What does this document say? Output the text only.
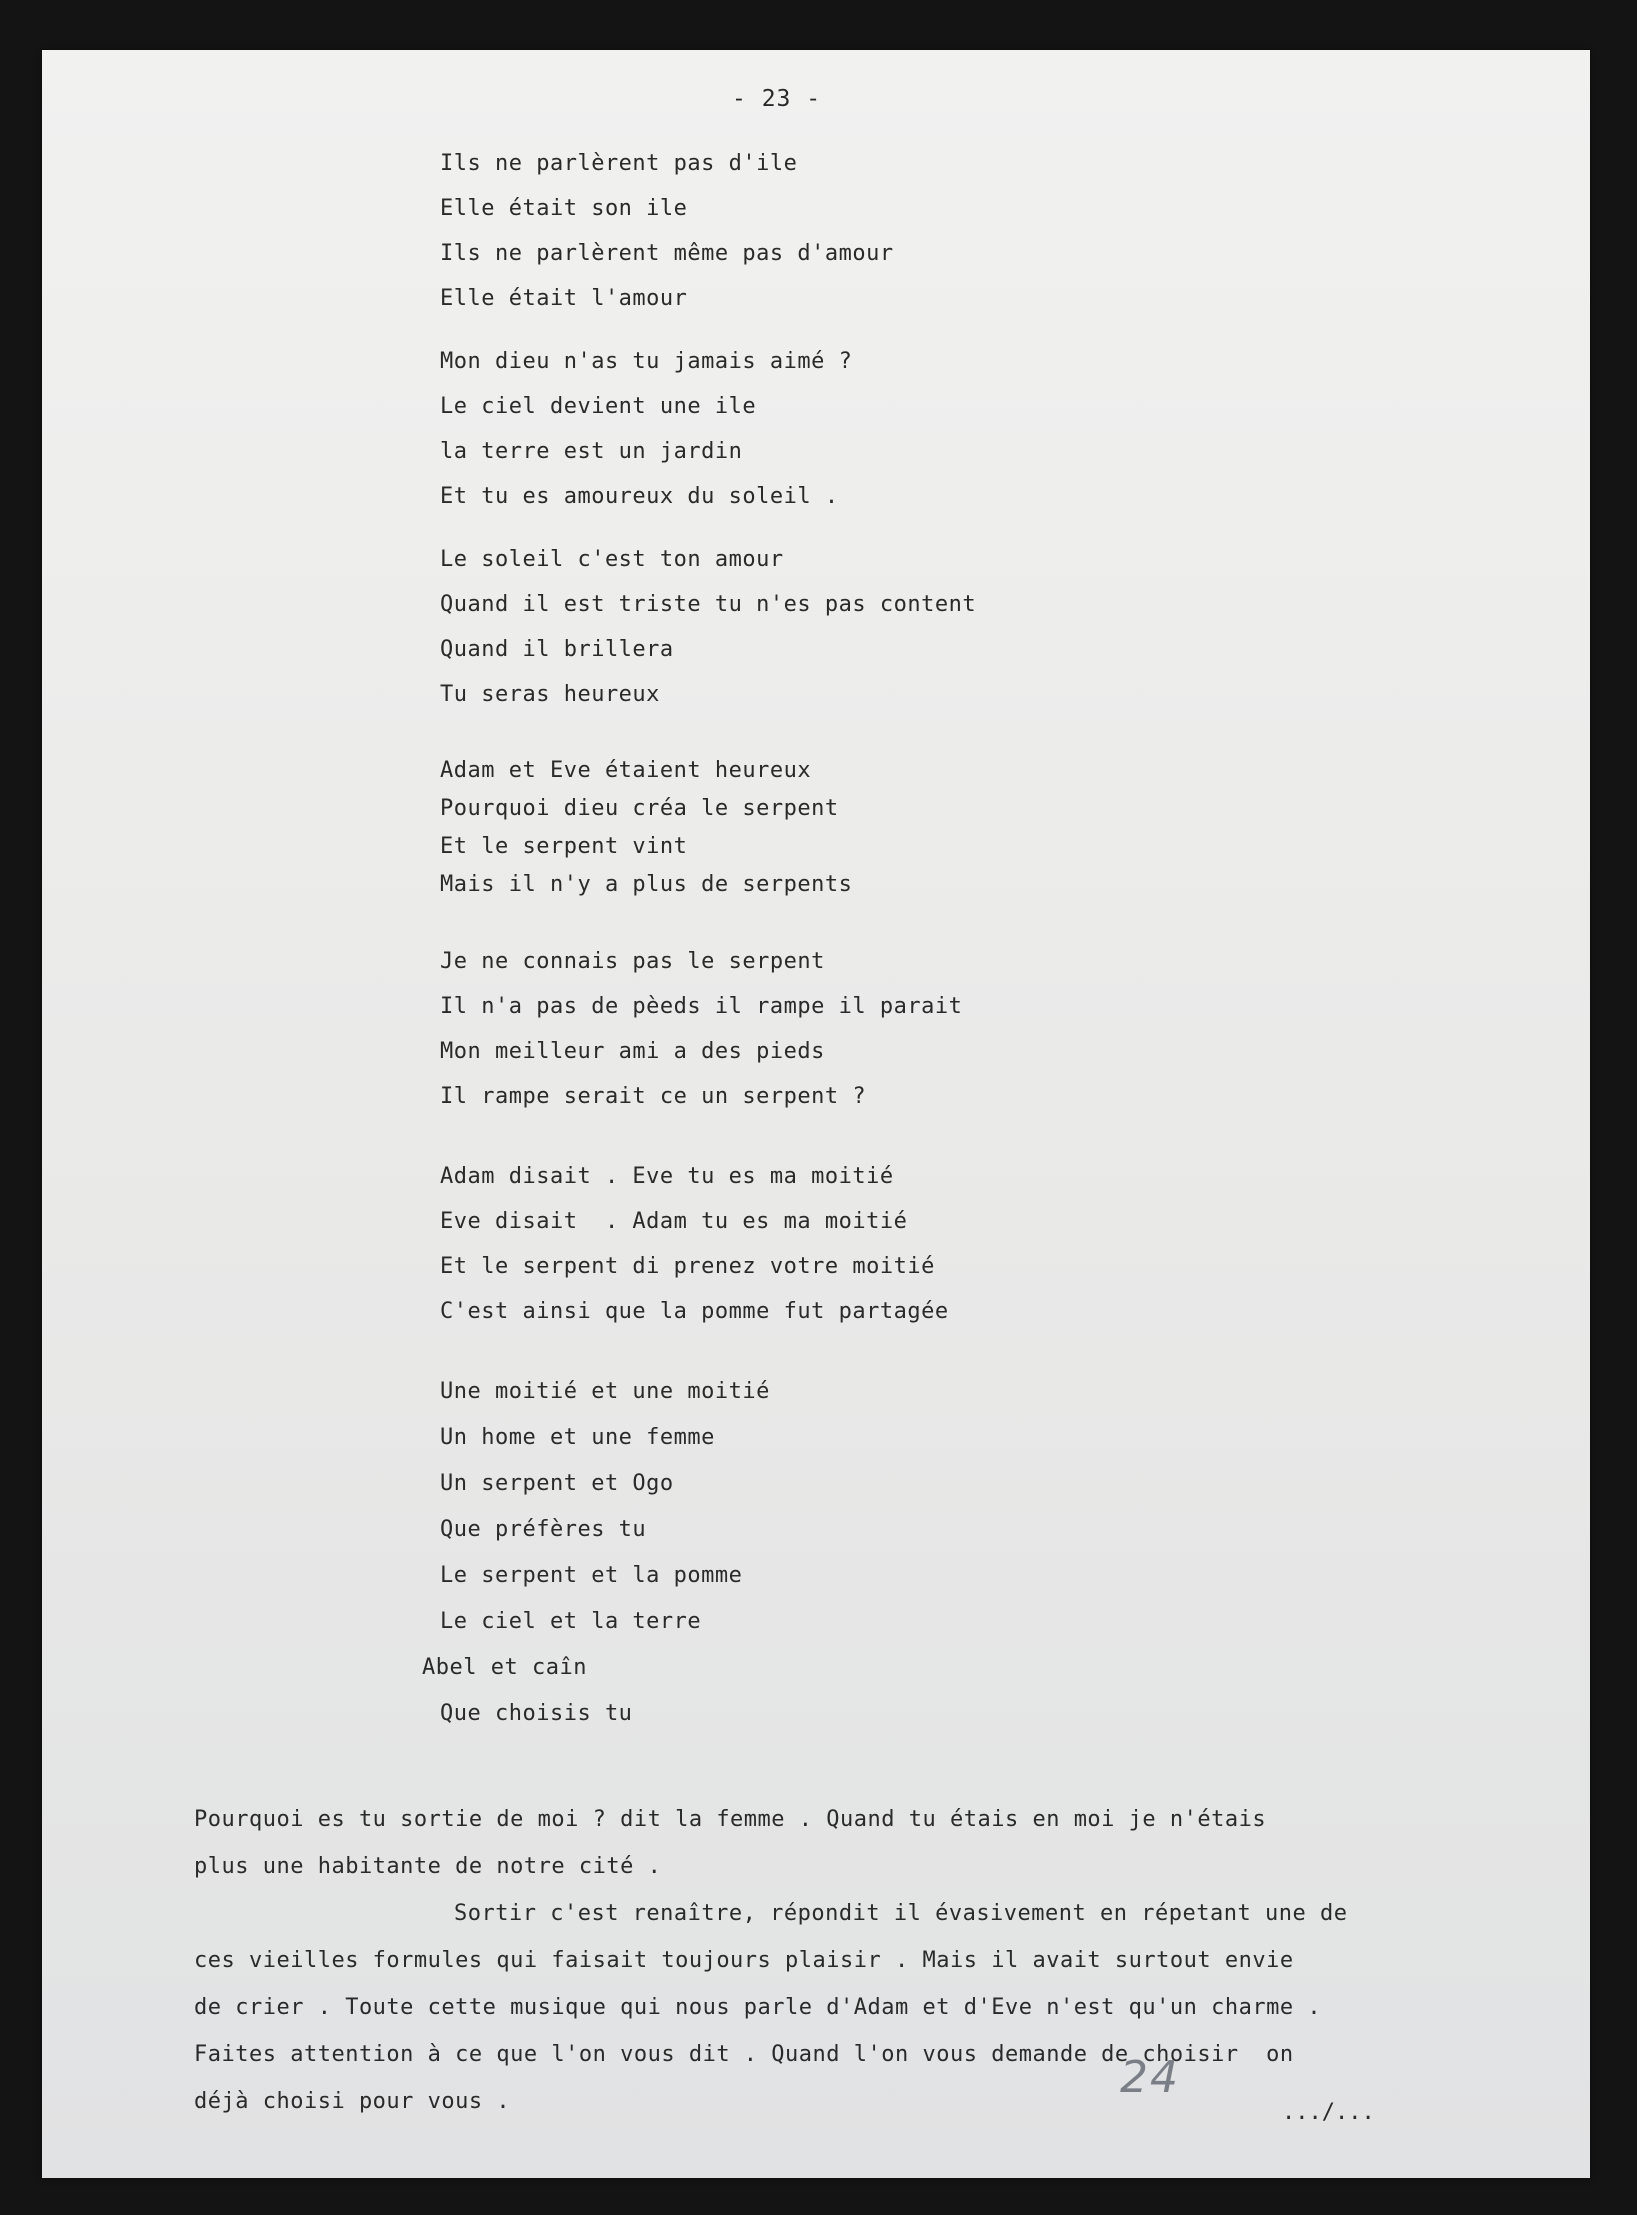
- 23 -
Ils ne parlèrent pas d'ile
Elle était son ile
Ils ne parlèrent même pas d'amour
Elle était l'amour
Mon dieu n'as tu jamais aimé ?
Le ciel devient une ile
la terre est un jardin
Et tu es amoureux du soleil .
Le soleil c'est ton amour
Quand il est triste tu n'es pas content
Quand il brillera
Tu seras heureux
Adam et Eve étaient heureux
Pourquoi dieu créa le serpent
Et le serpent vint
Mais il n'y a plus de serpents
Je ne connais pas le serpent
Il n'a pas de pèeds il rampe il parait
Mon meilleur ami a des pieds
Il rampe serait ce un serpent ?
Adam disait . Eve tu es ma moitié
Eve disait  . Adam tu es ma moitié
Et le serpent di prenez votre moitié
C'est ainsi que la pomme fut partagée
Une moitié et une moitié
Un home et une femme
Un serpent et Ogo
Que préfères tu
Le serpent et la pomme
Le ciel et la terre
Abel et caîn
Que choisis tu
Pourquoi es tu sortie de moi ? dit la femme . Quand tu étais en moi je n'étais
plus une habitante de notre cité .
Sortir c'est renaître, répondit il évasivement en répetant une de
ces vieilles formules qui faisait toujours plaisir . Mais il avait surtout envie
de crier . Toute cette musique qui nous parle d'Adam et d'Eve n'est qu'un charme .
Faites attention à ce que l'on vous dit . Quand l'on vous demande de choisir  on
déjà choisi pour vous .	24
.../...
